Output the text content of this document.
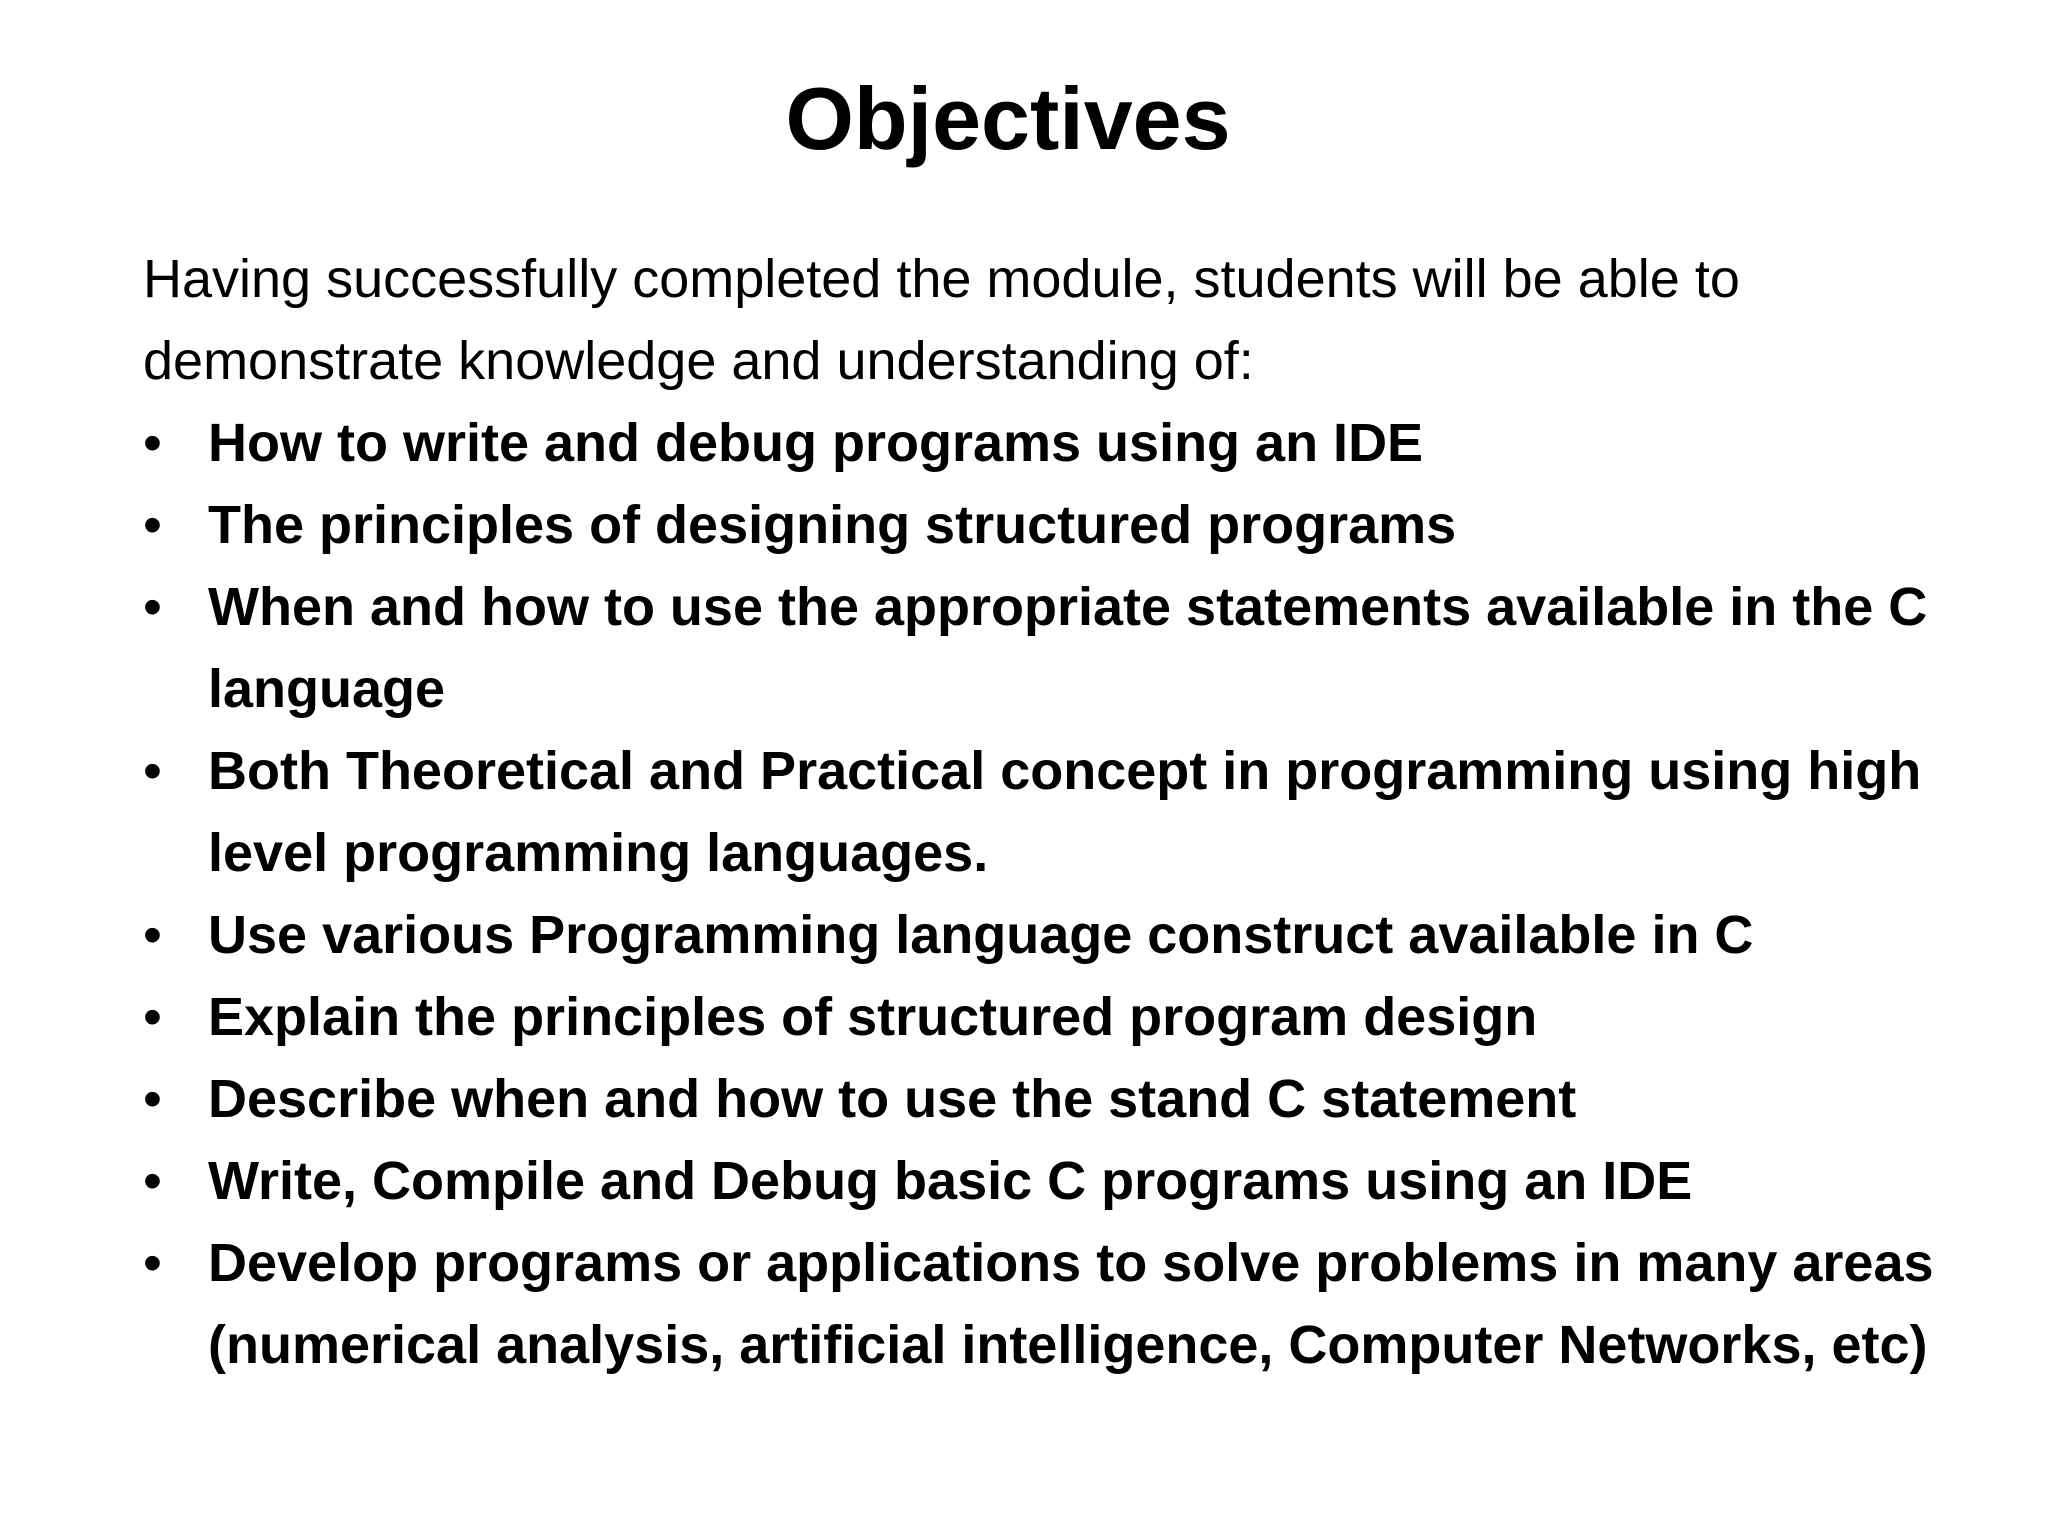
Objectives

Having successfully completed the module, students will be able to demonstrate knowledge and understanding of:

• How to write and debug programs using an IDE
• The principles of designing structured programs
• When and how to use the appropriate statements available in the C language
• Both Theoretical and Practical concept in programming using high level programming languages.
• Use various Programming language construct available in C
• Explain the principles of structured program design
• Describe when and how to use the stand C statement
• Write, Compile and Debug basic C programs using an IDE
• Develop programs or applications to solve problems in many areas (numerical analysis, artificial intelligence, Computer Networks, etc)
